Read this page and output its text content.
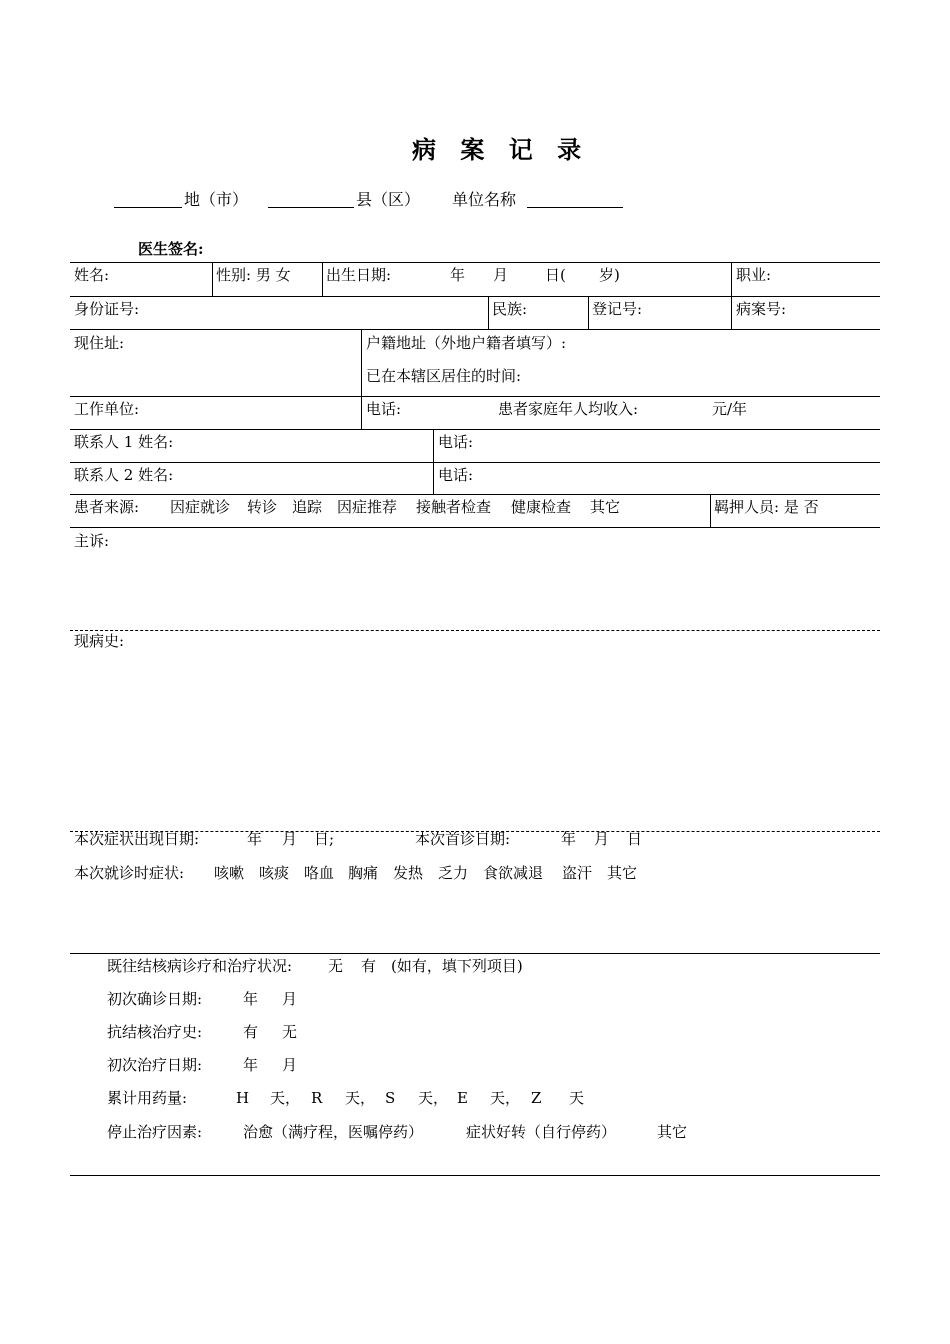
病 案 记 录
地（市）	县（区） 单位名称
医生签名:
姓名:	性别: 男 女 出生日期:	年 月 日( 岁)	职业:
身份证号:	民族:	登记号:	病案号:
现住址:	户籍地址（外地户籍者填写）:
已在本辖区居住的时间:
工作单位:	电话:	患者家庭年人均收入:	元/年
联系人 1 姓名:	电话:
联系人 2 姓名:	电话:
患者来源: 因症就诊 转诊 追踪 因症推荐 接触者检查 健康检查 其它	羁押人员: 是 否
主诉:
现病史:
本次症状出现日期:	年 月 日;	本次首诊日期:	年 月 日
本次就诊时症状: 咳嗽 咳痰 咯血 胸痛 发热 乏力 食欲减退 盗汗 其它
既往结核病诊疗和治疗状况: 无 有 (如有，填下列项目)
初次确诊日期:	年 月
抗结核治疗史:	有 无
初次治疗日期:	年 月
累计用药量:	H 天， R 天， S 天， E 天， Z 天
停止治疗因素:	治愈（满疗程，医嘱停药）	症状好转（自行停药）	其它
